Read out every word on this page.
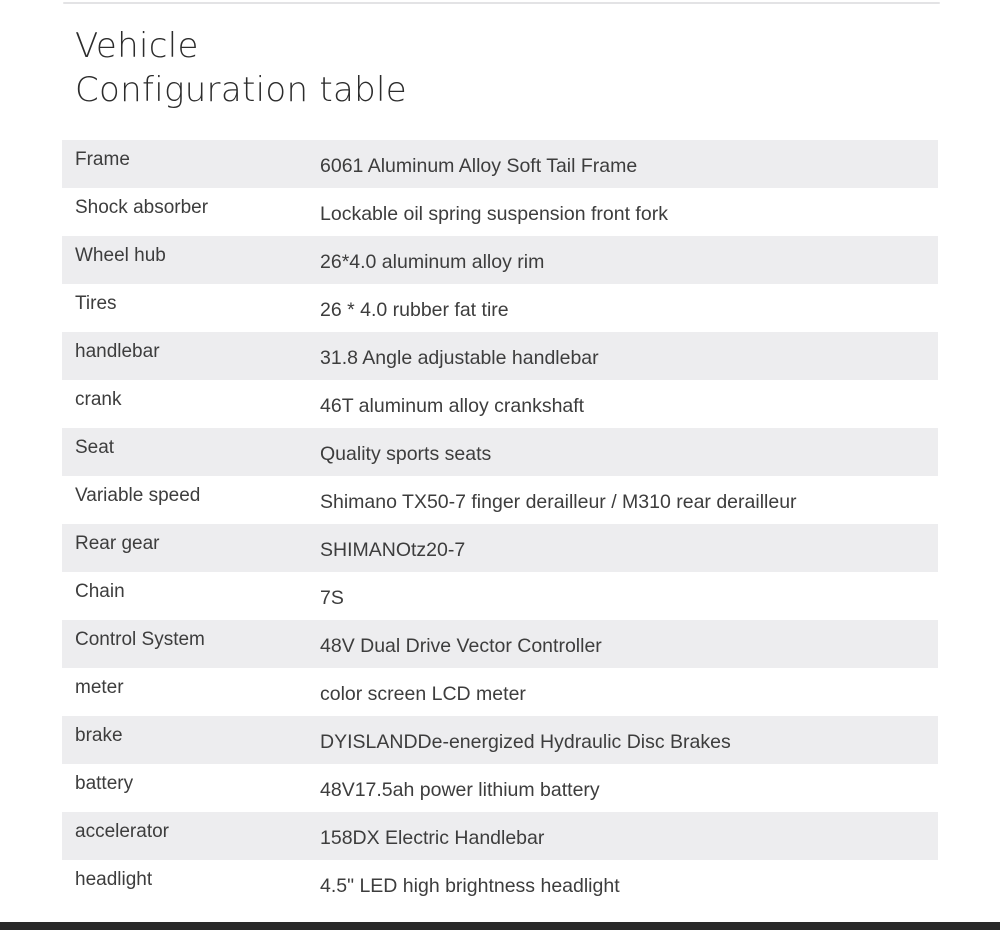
Vehicle
Configuration table
Frame	6061 Aluminum Alloy Soft Tail Frame
Shock absorber	Lockable oil spring suspension front fork
Wheel hub	26*4.0 aluminum alloy rim
Tires	26 * 4.0 rubber fat tire
handlebar	31.8 Angle adjustable handlebar
crank	46T aluminum alloy crankshaft
Seat	Quality sports seats
Variable speed	Shimano TX50-7 finger derailleur / M310 rear derailleur
Rear gear	SHIMANOtz20-7
Chain	7S
Control System	48V Dual Drive Vector Controller
meter	color screen LCD meter
brake	DYISLANDDe-energized Hydraulic Disc Brakes
battery	48V17.5ah power lithium battery
accelerator	158DX Electric Handlebar
headlight	4.5" LED high brightness headlight
